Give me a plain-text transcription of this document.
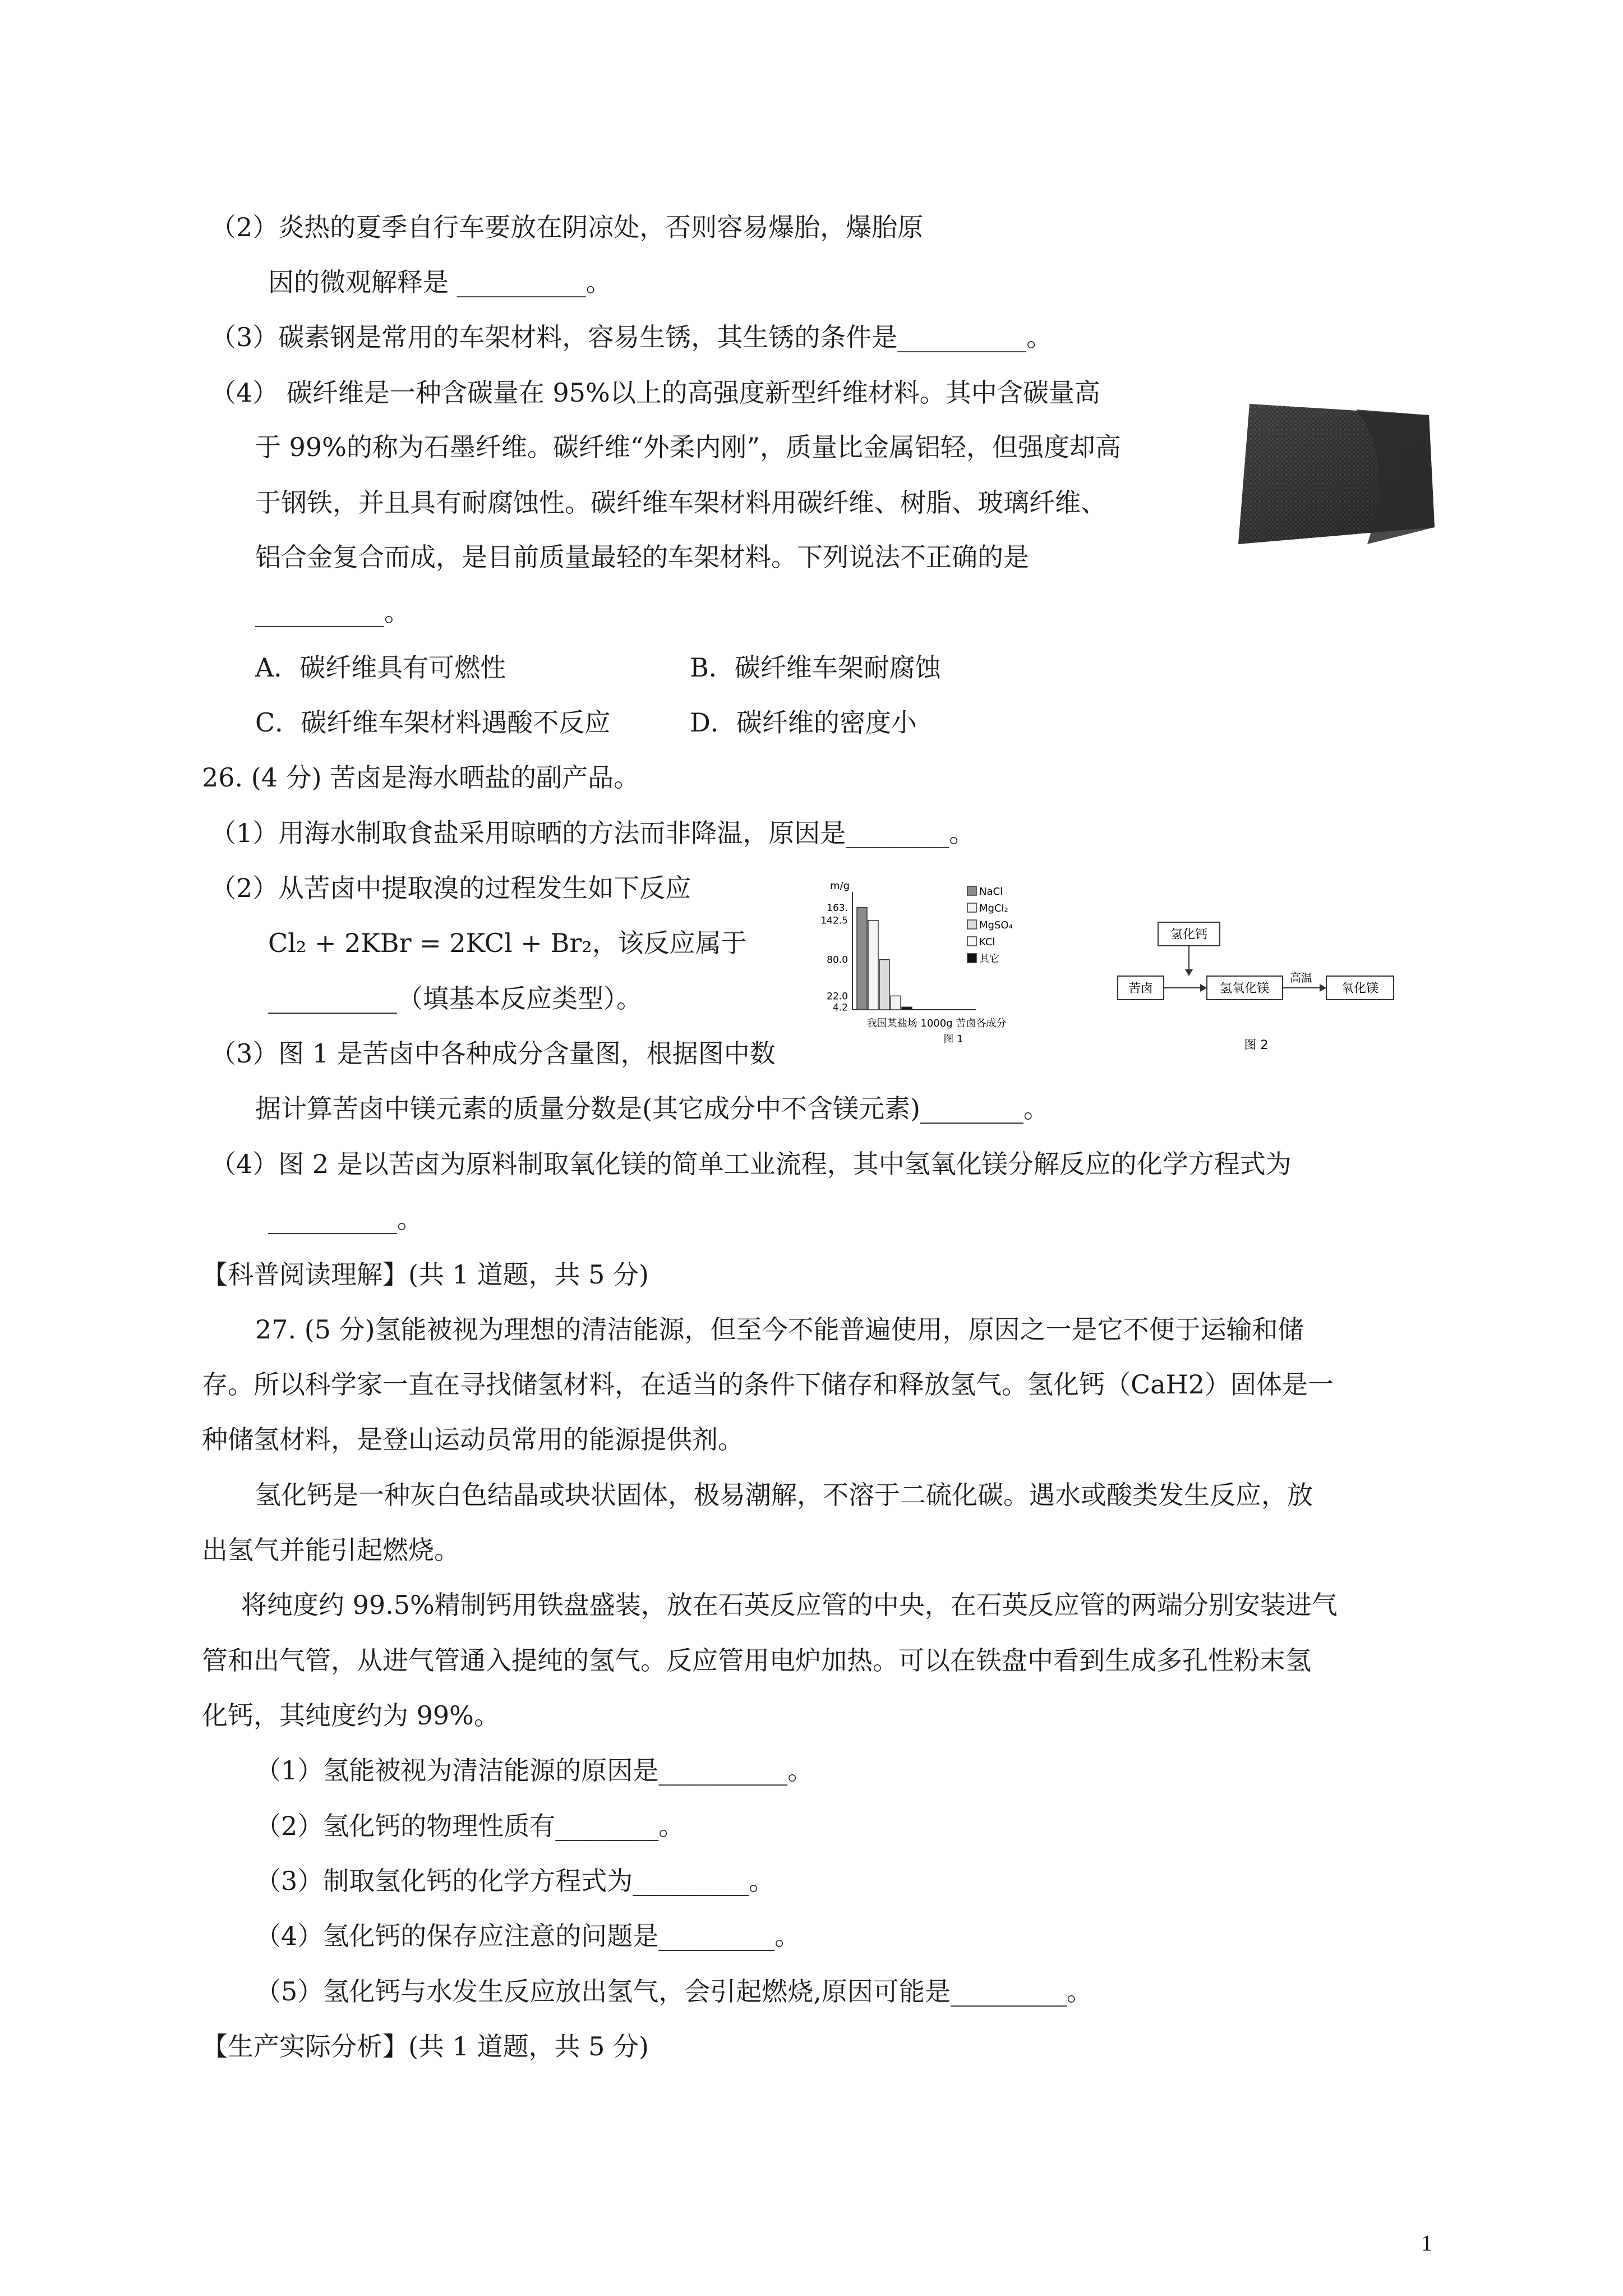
（2）炎热的夏季自行车要放在阴凉处，否则容易爆胎，爆胎原
因的微观解释是 __________。
（3）碳素钢是常用的车架材料，容易生锈，其生锈的条件是__________。
（4） 碳纤维是一种含碳量在 95%以上的高强度新型纤维材料。其中含碳量高
于 99%的称为石墨纤维。碳纤维“外柔内刚”，质量比金属铝轻，但强度却高
于钢铁，并且具有耐腐蚀性。碳纤维车架材料用碳纤维、树脂、玻璃纤维、
铝合金复合而成，是目前质量最轻的车架材料。下列说法不正确的是
__________。
A．碳纤维具有可燃性	B．碳纤维车架耐腐蚀
C．碳纤维车架材料遇酸不反应	D．碳纤维的密度小
26. (4 分) 苦卤是海水晒盐的副产品。
（1）用海水制取食盐采用晾晒的方法而非降温，原因是________。
（2）从苦卤中提取溴的过程发生如下反应
Cl₂ + 2KBr = 2KCl + Br₂，该反应属于
__________（填基本反应类型）。
（3）图 1 是苦卤中各种成分含量图，根据图中数
据计算苦卤中镁元素的质量分数是(其它成分中不含镁元素)________。
（4）图 2 是以苦卤为原料制取氧化镁的简单工业流程，其中氢氧化镁分解反应的化学方程式为
__________。
m/g
163.
142.5
80.0
22.0
4.2
NaCl
MgCl₂
MgSO₄
KCl
其它
我国某盐场 1000g 苦卤各成分
图 1
氢化钙
苦卤	氢氧化镁
高温
氧化镁
图 2
【科普阅读理解】(共 1 道题，共 5 分)
27. (5 分)氢能被视为理想的清洁能源，但至今不能普遍使用，原因之一是它不便于运输和储
存。所以科学家一直在寻找储氢材料，在适当的条件下储存和释放氢气。氢化钙（CaH2）固体是一
种储氢材料，是登山运动员常用的能源提供剂。
氢化钙是一种灰白色结晶或块状固体，极易潮解，不溶于二硫化碳。遇水或酸类发生反应，放
出氢气并能引起燃烧。
将纯度约 99.5%精制钙用铁盘盛装，放在石英反应管的中央，在石英反应管的两端分别安装进气
管和出气管，从进气管通入提纯的氢气。反应管用电炉加热。可以在铁盘中看到生成多孔性粉末氢
化钙，其纯度约为 99%。
（1）氢能被视为清洁能源的原因是__________。
（2）氢化钙的物理性质有________。
（3）制取氢化钙的化学方程式为_________。
（4）氢化钙的保存应注意的问题是_________。
（5）氢化钙与水发生反应放出氢气，会引起燃烧,原因可能是_________。
【生产实际分析】(共 1 道题，共 5 分)
1
